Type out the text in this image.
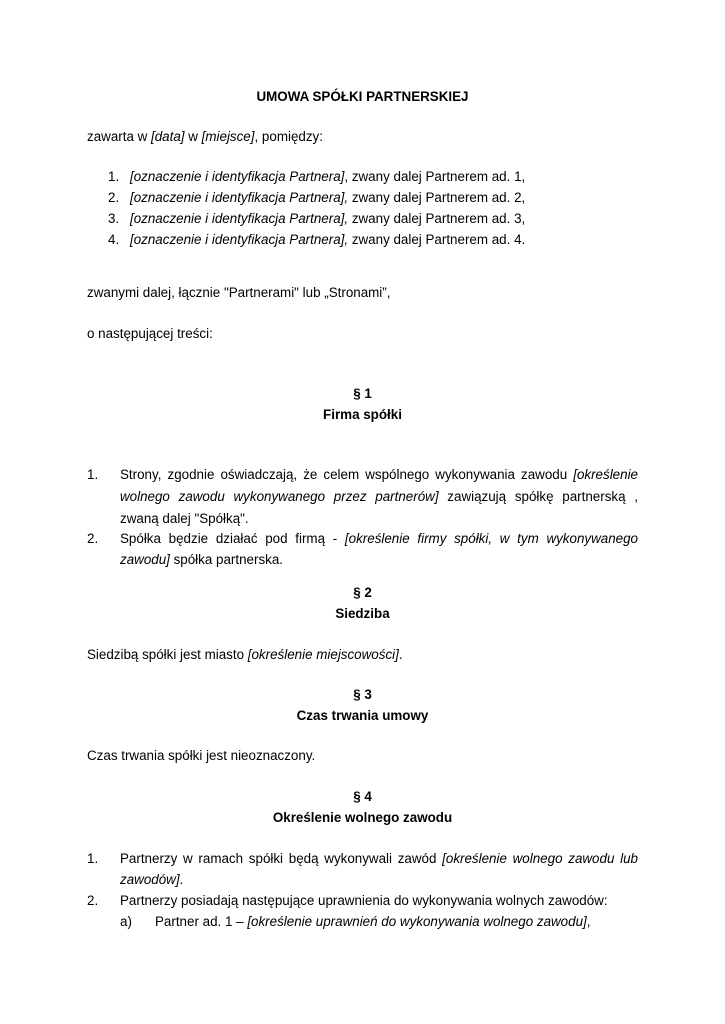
UMOWA SPÓŁKI PARTNERSKIEJ
zawarta w [data] w [miejsce], pomiędzy:
1. [oznaczenie i identyfikacja Partnera], zwany dalej Partnerem ad. 1,
2. [oznaczenie i identyfikacja Partnera], zwany dalej Partnerem ad. 2,
3. [oznaczenie i identyfikacja Partnera], zwany dalej Partnerem ad. 3,
4. [oznaczenie i identyfikacja Partnera], zwany dalej Partnerem ad. 4.
zwanymi dalej, łącznie "Partnerami" lub „Stronami”,
o następującej treści:
§ 1
Firma spółki
1.	Strony, zgodnie oświadczają, że celem wspólnego wykonywania zawodu [określenie
wolnego zawodu wykonywanego przez partnerów] zawiązują spółkę partnerską ,
zwaną dalej "Spółką".
2.	Spółka będzie działać pod firmą - [określenie firmy spółki, w tym wykonywanego
zawodu] spółka partnerska.
§ 2
Siedziba
Siedzibą spółki jest miasto [określenie miejscowości].
§ 3
Czas trwania umowy
Czas trwania spółki jest nieoznaczony.
§ 4
Określenie wolnego zawodu
1.	Partnerzy w ramach spółki będą wykonywali zawód [określenie wolnego zawodu lub
zawodów].
2.	Partnerzy posiadają następujące uprawnienia do wykonywania wolnych zawodów:
a)	Partner ad. 1 – [określenie uprawnień do wykonywania wolnego zawodu],
